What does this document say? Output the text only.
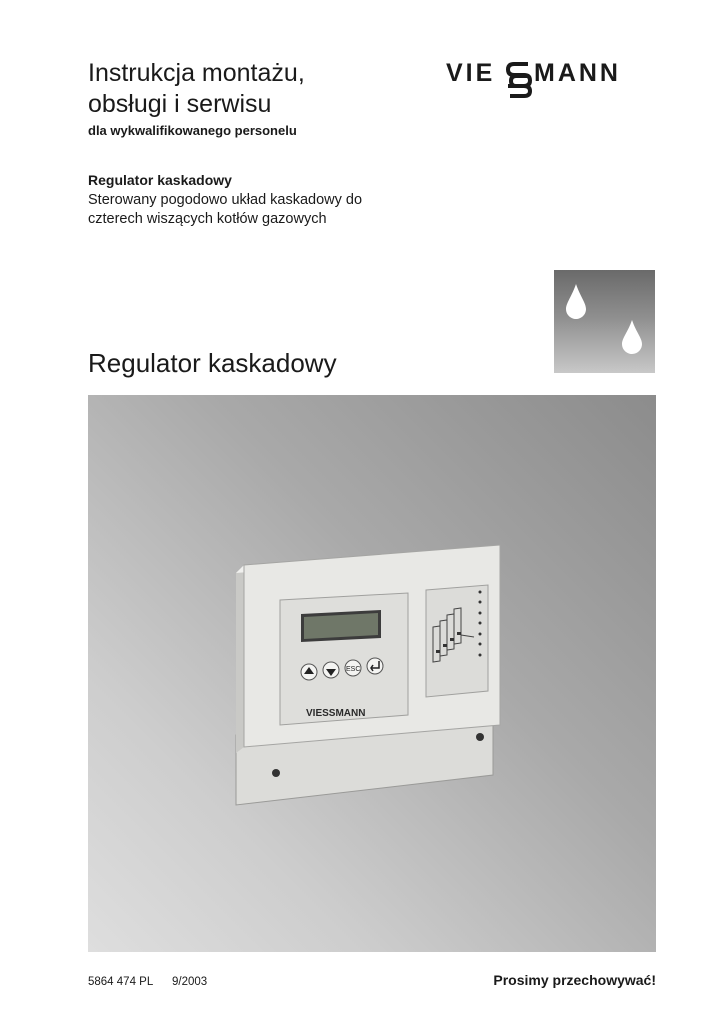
Instrukcja montażu,
obsługi i serwisu
dla wykwalifikowanego personelu
Regulator kaskadowy
Sterowany pogodowo układ kaskadowy do
czterech wiszących kotłów gazowych
VIE MANN
Regulator kaskadowy
ESC
VIESSMANN
5864 474 PL 9/2003	Prosimy przechowywać!
